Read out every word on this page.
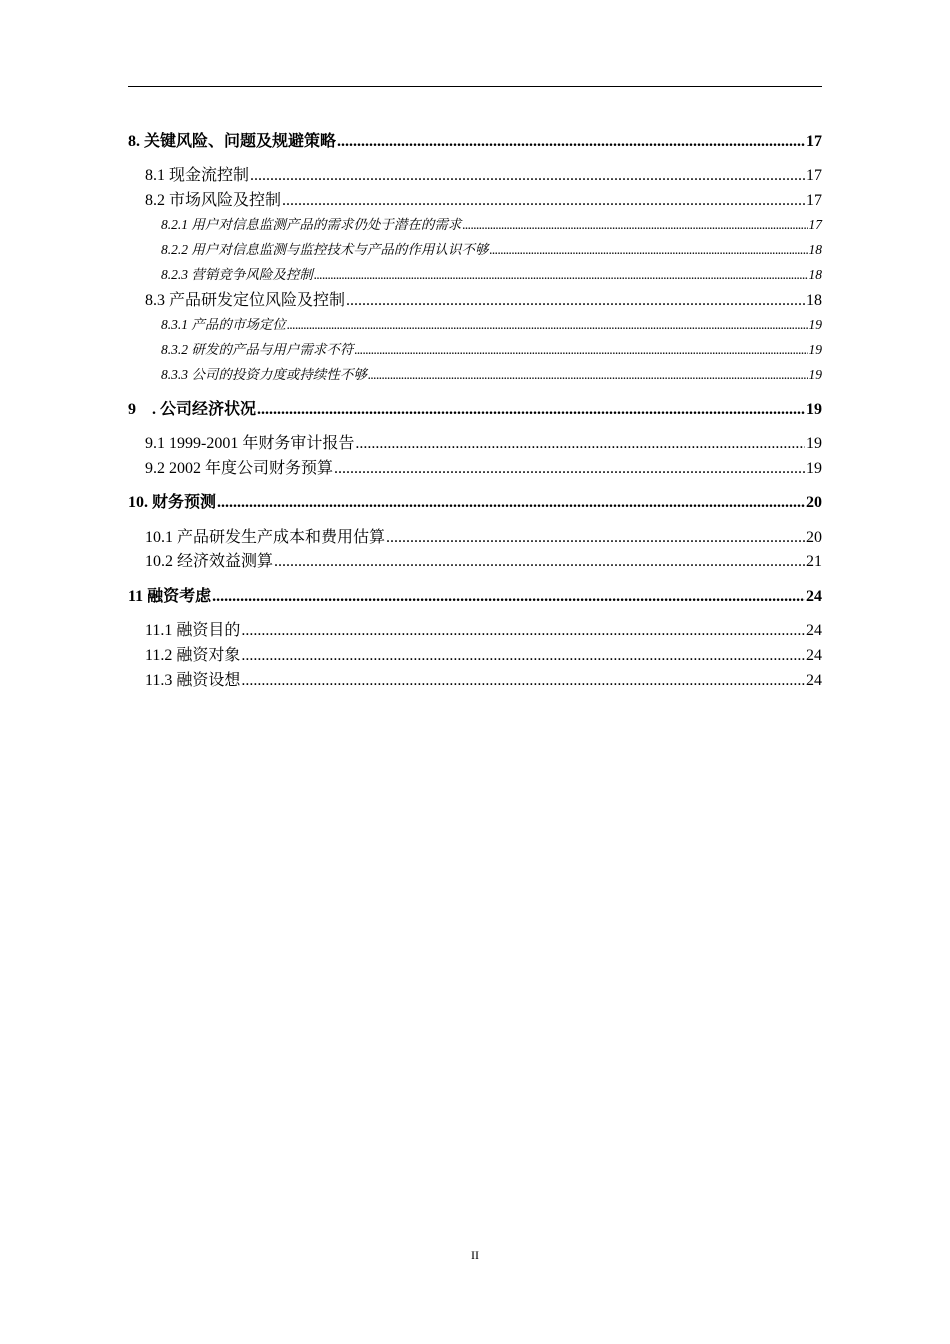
8. 关键风险、问题及规避策略 .....	17
8.1 现金流控制 .....	17
8.2 市场风险及控制 .....	17
8.2.1 用户对信息监测产品的需求仍处于潜在的需求 .....	17
8.2.2 用户对信息监测与监控技术与产品的作用认识不够 .....	18
8.2.3 营销竞争风险及控制 .....	18
8.3 产品研发定位风险及控制 .....	18
8.3.1 产品的市场定位 .....	19
8.3.2 研发的产品与用户需求不符 .....	19
8.3.3 公司的投资力度或持续性不够 .....	19
9    . 公司经济状况 .....	19
9.1 1999-2001 年财务审计报告 .....	19
9.2 2002 年度公司财务预算 .....	19
10. 财务预测 .....	20
10.1 产品研发生产成本和费用估算 .....	20
10.2 经济效益测算 .....	21
11 融资考虑 .....	24
11.1 融资目的 .....	24
11.2 融资对象 .....	24
11.3 融资设想 .....	24
II
